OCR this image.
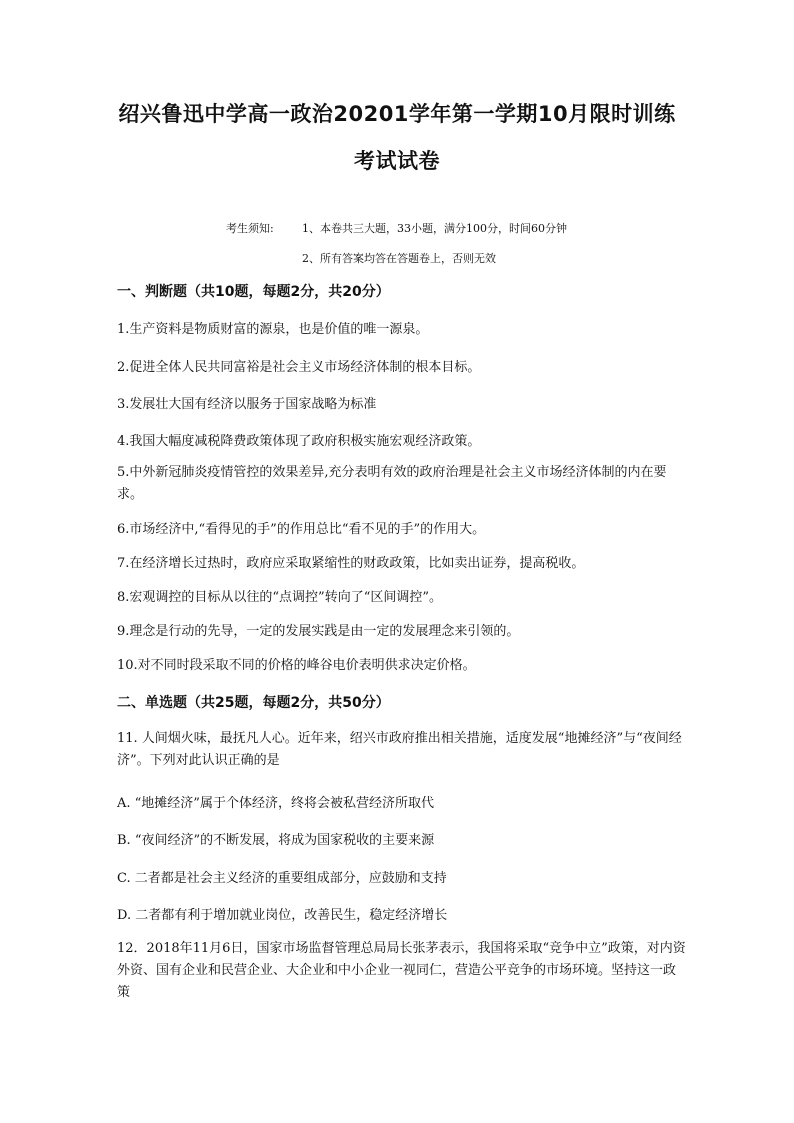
绍兴鲁迅中学高一政治20201学年第一学期10月限时训练
考试试卷
考生须知:	1、本卷共三大题，33小题，满分100分，时间60分钟
2、所有答案均答在答题卷上，否则无效
一、判断题（共10题，每题2分，共20分）
1.生产资料是物质财富的源泉，也是价值的唯一源泉。
2.促进全体人民共同富裕是社会主义市场经济体制的根本目标。
3.发展壮大国有经济以服务于国家战略为标准
4.我国大幅度减税降费政策体现了政府积极实施宏观经济政策。
5.中外新冠肺炎疫情管控的效果差异,充分表明有效的政府治理是社会主义市场经济体制的内在要求。
6.市场经济中,“看得见的手”的作用总比“看不见的手”的作用大。
7.在经济增长过热时，政府应采取紧缩性的财政政策，比如卖出证券，提高税收。
8.宏观调控的目标从以往的“点调控”转向了“区间调控”。
9.理念是行动的先导，一定的发展实践是由一定的发展理念来引领的。
10.对不同时段采取不同的价格的峰谷电价表明供求决定价格。
二、单选题（共25题，每题2分，共50分）
11. 人间烟火味，最抚凡人心。近年来，绍兴市政府推出相关措施，适度发展“地摊经济”与“夜间经济”。下列对此认识正确的是
A. “地摊经济”属于个体经济，终将会被私营经济所取代
B. “夜间经济”的不断发展，将成为国家税收的主要来源
C. 二者都是社会主义经济的重要组成部分，应鼓励和支持
D. 二者都有利于增加就业岗位，改善民生，稳定经济增长
12．2018年11月6日，国家市场监督管理总局局长张茅表示，我国将采取“竞争中立”政策，对内资外资、国有企业和民营企业、大企业和中小企业一视同仁，营造公平竞争的市场环境。坚持这一政策
